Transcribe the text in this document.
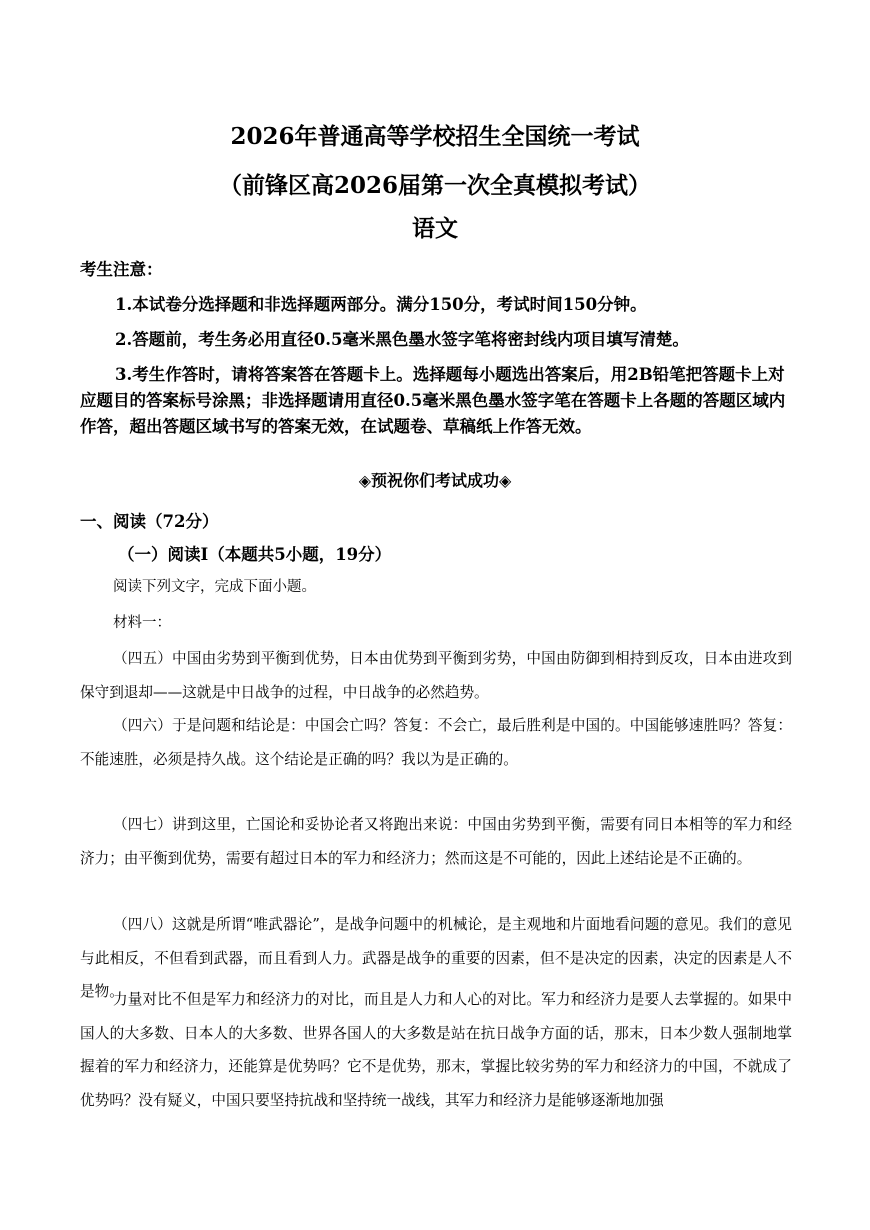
2026年普通高等学校招生全国统一考试
（前锋区高2026届第一次全真模拟考试）
语文
考生注意：
1.本试卷分选择题和非选择题两部分。满分150分，考试时间150分钟。
2.答题前，考生务必用直径0.5毫米黑色墨水签字笔将密封线内项目填写清楚。
3.考生作答时，请将答案答在答题卡上。选择题每小题选出答案后，用2B铅笔把答题卡上对应题目的答案标号涂黑；非选择题请用直径0.5毫米黑色墨水签字笔在答题卡上各题的答题区域内作答，超出答题区域书写的答案无效，在试题卷、草稿纸上作答无效。
◈预祝你们考试成功◈
一、阅读（72分）
（一）阅读Ⅰ（本题共5小题，19分）
阅读下列文字，完成下面小题。
材料一：
（四五）中国由劣势到平衡到优势，日本由优势到平衡到劣势，中国由防御到相持到反攻，日本由进攻到保守到退却——这就是中日战争的过程，中日战争的必然趋势。
（四六）于是问题和结论是：中国会亡吗？答复：不会亡，最后胜利是中国的。中国能够速胜吗？答复：不能速胜，必须是持久战。这个结论是正确的吗？我以为是正确的。
（四七）讲到这里，亡国论和妥协论者又将跑出来说：中国由劣势到平衡，需要有同日本相等的军力和经济力；由平衡到优势，需要有超过日本的军力和经济力；然而这是不可能的，因此上述结论是不正确的。
（四八）这就是所谓“唯武器论”，是战争问题中的机械论，是主观地和片面地看问题的意见。我们的意见与此相反，不但看到武器，而且看到人力。武器是战争的重要的因素，但不是决定的因素，决定的因素是人不是物。
力量对比不但是军力和经济力的对比，而且是人力和人心的对比。军力和经济力是要人去掌握的。如果中国人的大多数、日本人的大多数、世界各国人的大多数是站在抗日战争方面的话，那末，日本少数人强制地掌握着的军力和经济力，还能算是优势吗？它不是优势，那末，掌握比较劣势的军力和经济力的中国，不就成了优势吗？没有疑义，中国只要坚持抗战和坚持统一战线，其军力和经济力是能够逐渐地加强
